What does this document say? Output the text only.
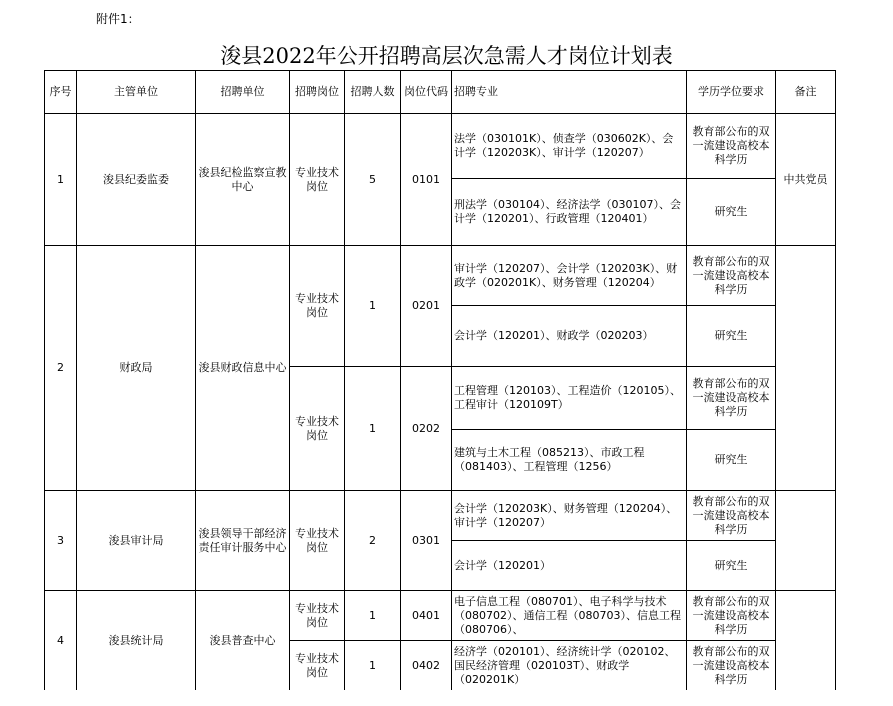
附件1：
浚县2022年公开招聘高层次急需人才岗位计划表
序号	主管单位	招聘单位	招聘岗位	招聘人数	岗位代码	招聘专业	学历学位要求	备注
1	浚县纪委监委	浚县纪检监察宣教中心	专业技术岗位	5	0101	法学（030101K）、侦查学（030602K）、会计学（120203K）、审计学（120207）	教育部公布的双一流建设高校本科学历	中共党员
						刑法学（030104）、经济法学（030107）、会计学（120201）、行政管理（120401）	研究生	
2	财政局	浚县财政信息中心	专业技术岗位	1	0201	审计学（120207）、会计学（120203K）、财政学（020201K）、财务管理（120204）	教育部公布的双一流建设高校本科学历	
						会计学（120201）、财政学（020203）	研究生	
			专业技术岗位	1	0202	工程管理（120103）、工程造价（120105）、工程审计（120109T）	教育部公布的双一流建设高校本科学历	
						建筑与土木工程（085213）、市政工程（081403）、工程管理（1256）	研究生	
3	浚县审计局	浚县领导干部经济责任审计服务中心	专业技术岗位	2	0301	会计学（120203K）、财务管理（120204）、审计学（120207）	教育部公布的双一流建设高校本科学历	
						会计学（120201）	研究生	
4	浚县统计局	浚县普查中心	专业技术岗位	1	0401	电子信息工程（080701）、电子科学与技术（080702）、通信工程（080703）、信息工程（080706）、	教育部公布的双一流建设高校本科学历	
			专业技术岗位	1	0402	经济学（020101）、经济统计学（020102、国民经济管理（020103T）、财政学（020201K）	教育部公布的双一流建设高校本科学历	
